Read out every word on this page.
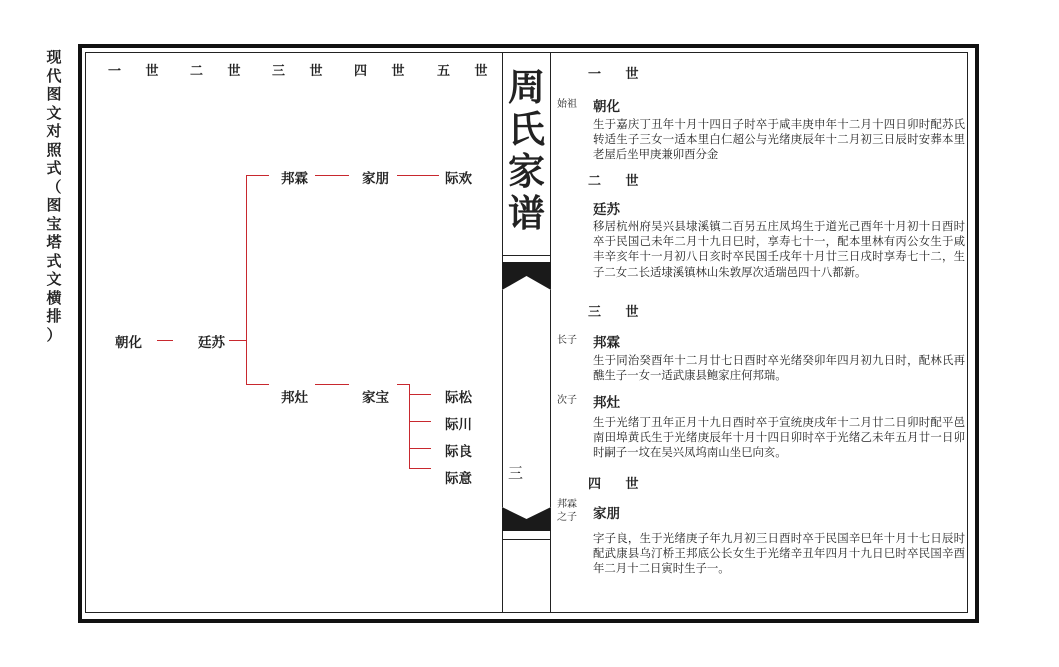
现
代
图
文
对
照
式
（
图
宝
塔
式
文
横
排
）
一 世 二 世 三 世 四 世 五 世
朝化	廷苏
邦霖
邦灶
家朋
家宝
际欢
际松
际川
际良
际意
周
氏
家
谱
三
一 世
始祖 朝化
生于嘉庆丁丑年十月十四日子时卒于咸丰庚申年十二月十四日卯时配苏氏转适生子三女一适本里白仁超公与光绪庚辰年十二月初三日辰时安葬本里老屋后坐甲庚兼卯酉分金
二 世
廷苏
移居杭州府吴兴县埭溪镇二百另五庄凤坞生于道光己酉年十月初十日酉时卒于民国己未年二月十九日巳时，享寿七十一，配本里林有丙公女生于咸丰辛亥年十一月初八日亥时卒民国壬戌年十月廿三日戌时享寿七十二，生子二女二长适埭溪镇林山朱敦厚次适瑞邑四十八都新。
三 世
长子 邦霖
生于同治癸酉年十二月廿七日酉时卒光绪癸卯年四月初九日时，配林氏再醮生子一女一适武康县鲍家庄何邦瑞。
次子 邦灶
生于光绪丁丑年正月十九日酉时卒于宣统庚戌年十二月廿二日卯时配平邑南田埠黄氏生于光绪庚辰年十月十四日卯时卒于光绪乙未年五月廿一日卯时嗣子一坟在吴兴凤坞南山坐巳向亥。
四 世
邦霖之子 家朋
字子良，生于光绪庚子年九月初三日酉时卒于民国辛巳年十月十七日辰时配武康县乌汀桥王邦底公长女生于光绪辛丑年四月十九日巳时卒民国辛酉年二月十二日寅时生子一。
